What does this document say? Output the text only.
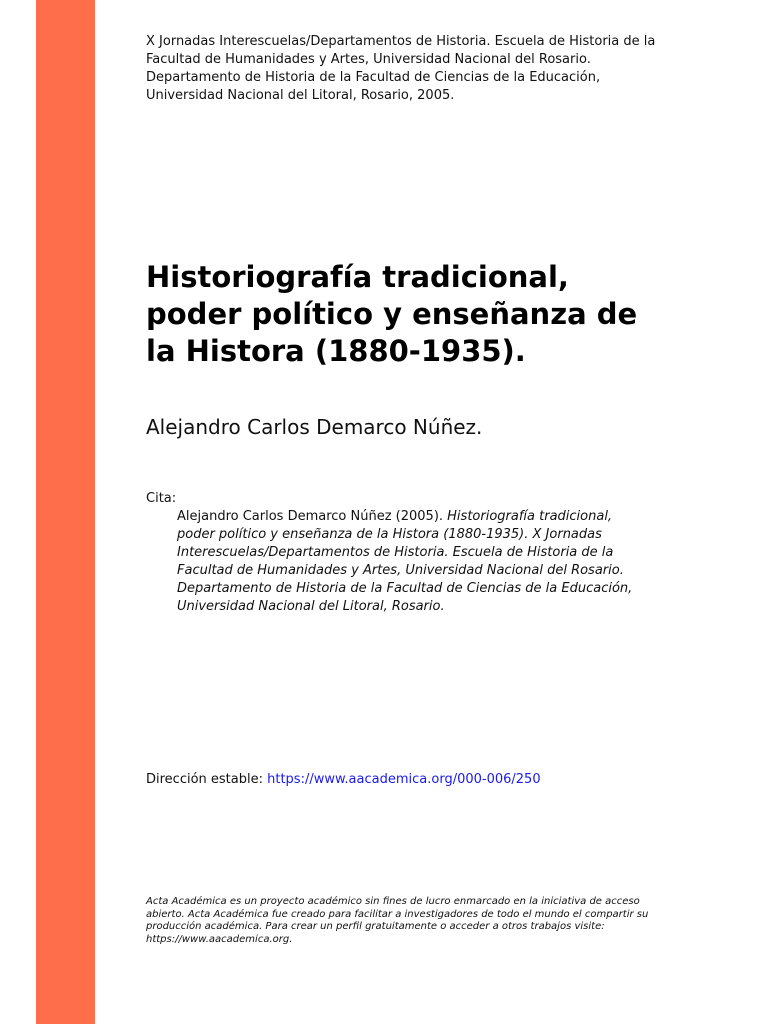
X Jornadas Interescuelas/Departamentos de Historia. Escuela de Historia de la
Facultad de Humanidades y Artes, Universidad Nacional del Rosario.
Departamento de Historia de la Facultad de Ciencias de la Educación,
Universidad Nacional del Litoral, Rosario, 2005.
Historiografía tradicional,
poder político y enseñanza de
la Historа (1880-1935).
Alejandro Carlos Demarco Núñez.
Cita:
Alejandro Carlos Demarco Núñez (2005). Historiografía tradicional,
poder político y enseñanza de la Historа (1880-1935). X Jornadas
Interescuelas/Departamentos de Historia. Escuela de Historia de la
Facultad de Humanidades y Artes, Universidad Nacional del Rosario.
Departamento de Historia de la Facultad de Ciencias de la Educación,
Universidad Nacional del Litoral, Rosario.
Dirección estable: https://www.aacademica.org/000-006/250
Acta Académica es un proyecto académico sin fines de lucro enmarcado en la iniciativa de acceso
abierto. Acta Académica fue creado para facilitar a investigadores de todo el mundo el compartir su
producción académica. Para crear un perfil gratuitamente o acceder a otros trabajos visite:
https://www.aacademica.org.
